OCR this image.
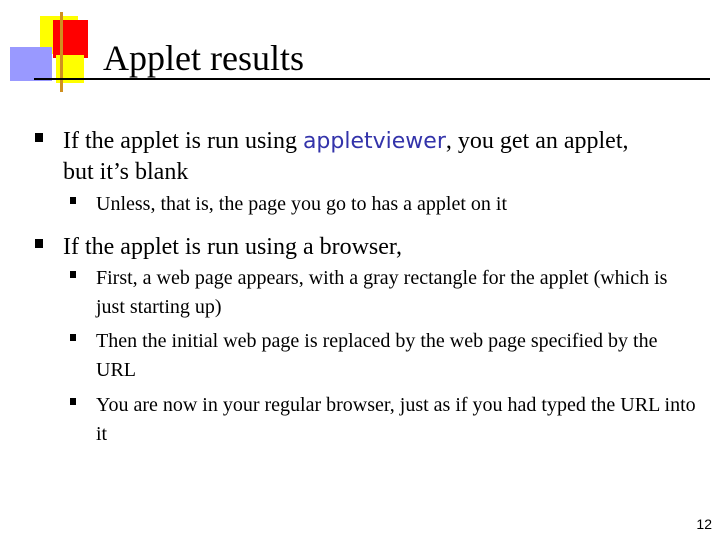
Applet results
If the applet is run using appletviewer, you get an applet, but it’s blank
Unless, that is, the page you go to has a applet on it
If the applet is run using a browser,
First, a web page appears, with a gray rectangle for the applet (which is just starting up)
Then the initial web page is replaced by the web page specified by the URL
You are now in your regular browser, just as if you had typed the URL into it
12
